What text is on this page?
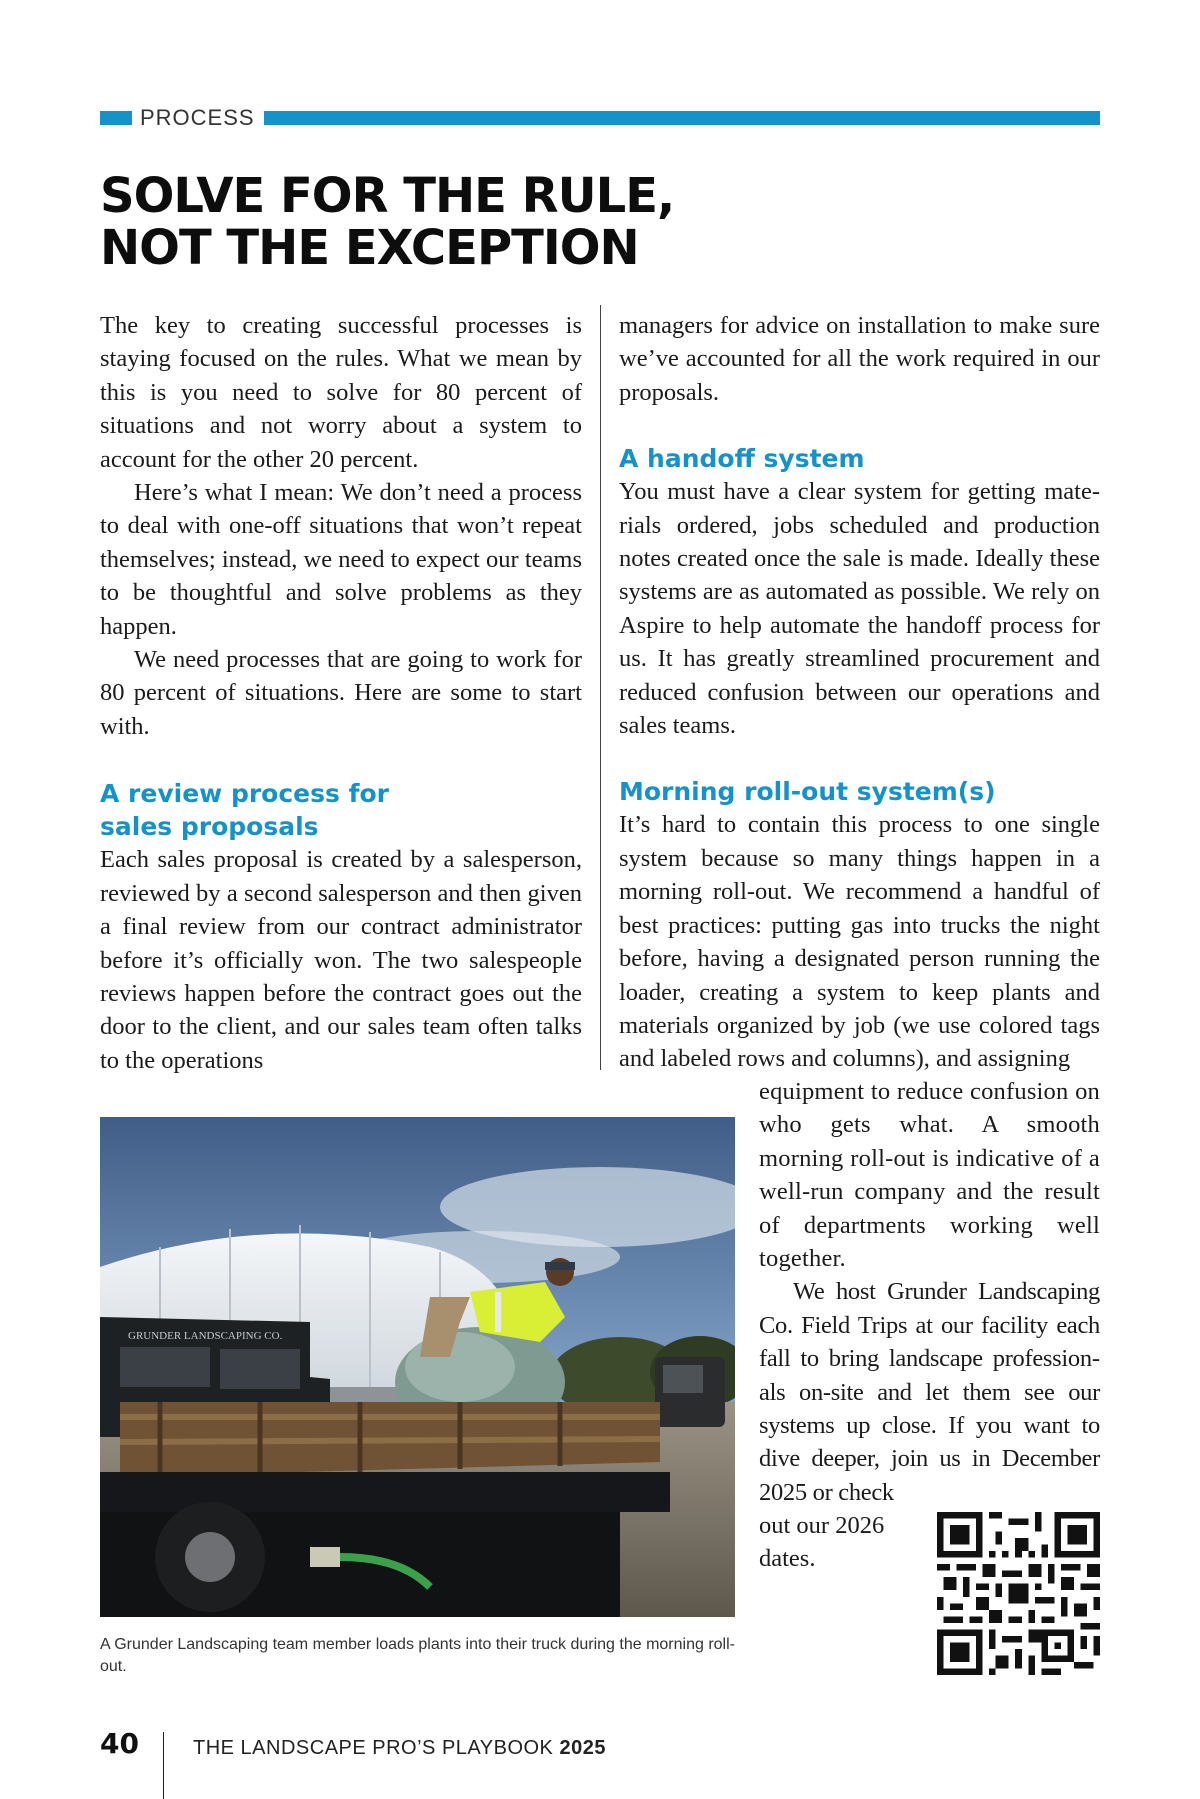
PROCESS
SOLVE FOR THE RULE,
NOT THE EXCEPTION

The key to creating successful processes is staying focused on the rules. What we mean by this is you need to solve for 80 percent of situations and not worry about a system to account for the other 20 percent.

Here’s what I mean: We don’t need a process to deal with one-off situations that won’t repeat themselves; instead, we need to expect our teams to be thoughtful and solve problems as they happen.

We need processes that are going to work for 80 percent of situations. Here are some to start with.

A review process for
sales proposals

Each sales proposal is created by a salesperson, reviewed by a second salesperson and then given a final review from our contract administrator before it’s officially won. The two salespeople reviews happen before the contract goes out the door to the client, and our sales team often talks to the operations

managers for advice on installation to make sure we’ve accounted for all the work required in our proposals.

A handoff system

You must have a clear system for getting materials ordered, jobs scheduled and production notes created once the sale is made. Ideally these systems are as automated as possible. We rely on Aspire to help automate the handoff process for us. It has greatly streamlined procurement and reduced confusion between our operations and sales teams.

Morning roll-out system(s)

It’s hard to contain this process to one single system because so many things happen in a morning roll-out. We recommend a handful of best practices: putting gas into trucks the night before, having a designated person running the loader, creating a system to keep plants and materials organized by job (we use colored tags and labeled rows and columns), and assigning

equipment to reduce confusion on who gets what. A smooth morning roll-out is indicative of a well-run company and the result of departments working well together.

We host Grunder Landscaping Co. Field Trips at our facility each fall to bring landscape professionals on-site and let them see our systems up close. If you want to dive deeper, join us in December 2025 or check

out our 2026 dates.

GRUNDER LANDSCAPING CO.

A Grunder Landscaping team member loads plants into their truck during the morning roll-out.

40	THE LANDSCAPE PRO’S PLAYBOOK 2025
